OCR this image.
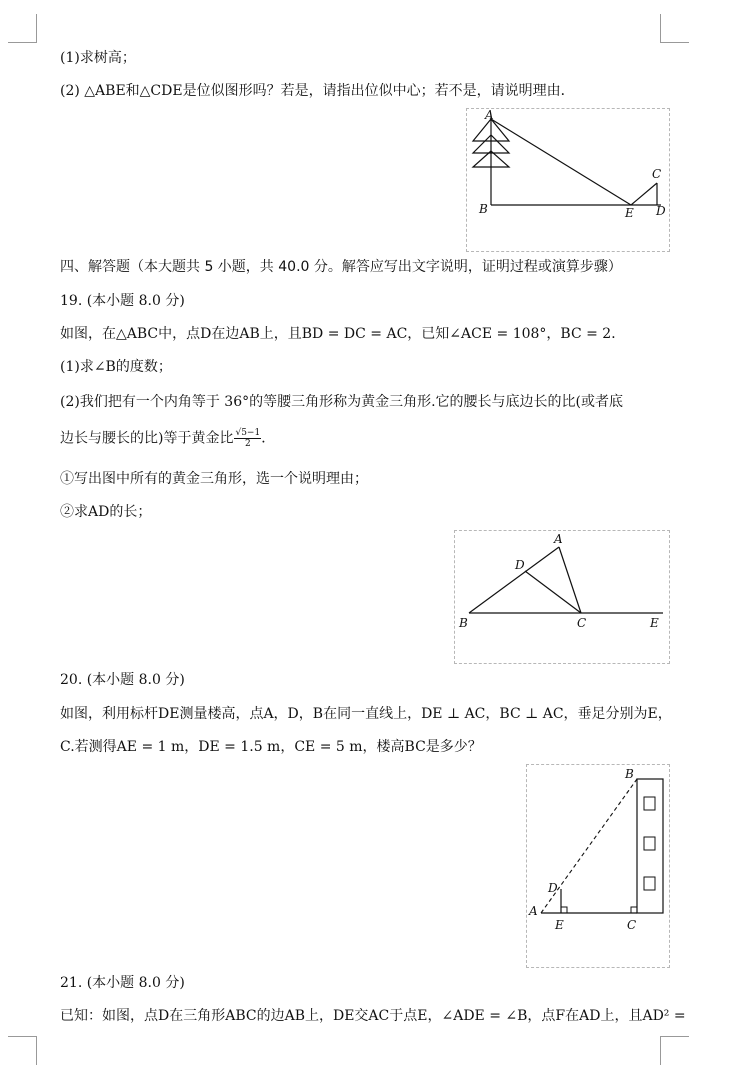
(1)求树高；
(2) △ABE和△CDE是位似图形吗？若是，请指出位似中心；若不是，请说明理由．
A
B
C
E D
四、解答题（本大题共 5 小题，共 40.0 分。解答应写出文字说明，证明过程或演算步骤）
19. (本小题 8.0 分)
如图，在△ABC中，点D在边AB上，且BD = DC = AC，已知∠ACE = 108°，BC = 2．
(1)求∠B的度数；
(2)我们把有一个内角等于 36°的等腰三角形称为黄金三角形.它的腰长与底边长的比(或者底
边长与腰长的比)等于黄金比 $\frac{√5-1}{2}$ ．
①写出图中所有的黄金三角形，选一个说明理由；
②求AD的长；
A
D
B	C	E
20. (本小题 8.0 分)
如图，利用标杆DE测量楼高，点A，D，B在同一直线上，DE ⊥ AC，BC ⊥ AC，垂足分别为E，
C.若测得AE = 1 m，DE = 1.5 m，CE = 5 m，楼高BC是多少？
B
D
A
E	C
21. (本小题 8.0 分)
已知：如图，点D在三角形ABC的边AB上，DE交AC于点E，∠ADE = ∠B，点F在AD上，且AD² =
